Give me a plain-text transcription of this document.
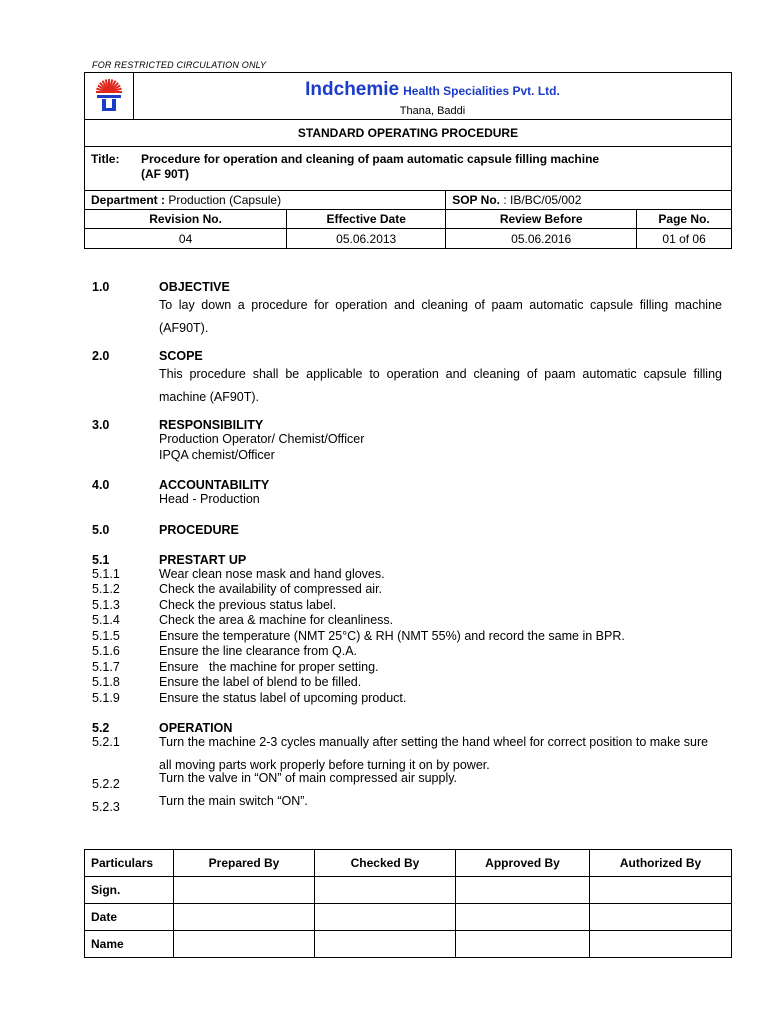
FOR RESTRICTED CIRCULATION ONLY
	Indchemie Health Specialities Pvt. Ltd.
Thana, Baddi			

STANDARD OPERATING PROCEDURE				
Title: Procedure for operation and cleaning of paam automatic capsule filling machine
(AF 90T)				
Department : Production (Capsule)			SOP No. : IB/BC/05/002	
Revision No.		Effective Date	Review Before	Page No.
04		05.06.2013	05.06.2016	01 of 06
1.0	OBJECTIVE
To lay down a procedure for operation and cleaning of paam automatic capsule filling machine (AF90T).
2.0	SCOPE
This procedure shall be applicable to operation and cleaning of paam automatic capsule filling machine (AF90T).
3.0	RESPONSIBILITY
Production Operator/ Chemist/Officer
IPQA chemist/Officer
4.0	ACCOUNTABILITY
Head - Production
5.0	PROCEDURE
5.1	PRESTART UP
5.1.1	Wear clean nose mask and hand gloves.
5.1.2	Check the availability of compressed air.
5.1.3	Check the previous status label.
5.1.4	Check the area & machine for cleanliness.
5.1.5	Ensure the temperature (NMT 25°C) & RH (NMT 55%) and record the same in BPR.
5.1.6	Ensure the line clearance from Q.A.
5.1.7	Ensure   the machine for proper setting.
5.1.8	Ensure the label of blend to be filled.
5.1.9	Ensure the status label of upcoming product.
5.2	OPERATION
5.2.1	Turn the machine 2-3 cycles manually after setting the hand wheel for correct position to make sure all moving parts work properly before turning it on by power.
5.2.2	Turn the valve in “ON” of main compressed air supply.
5.2.3	Turn the main switch “ON”.
Particulars	Prepared By	Checked By	Approved By	Authorized By
Sign.				
Date				
Name				
